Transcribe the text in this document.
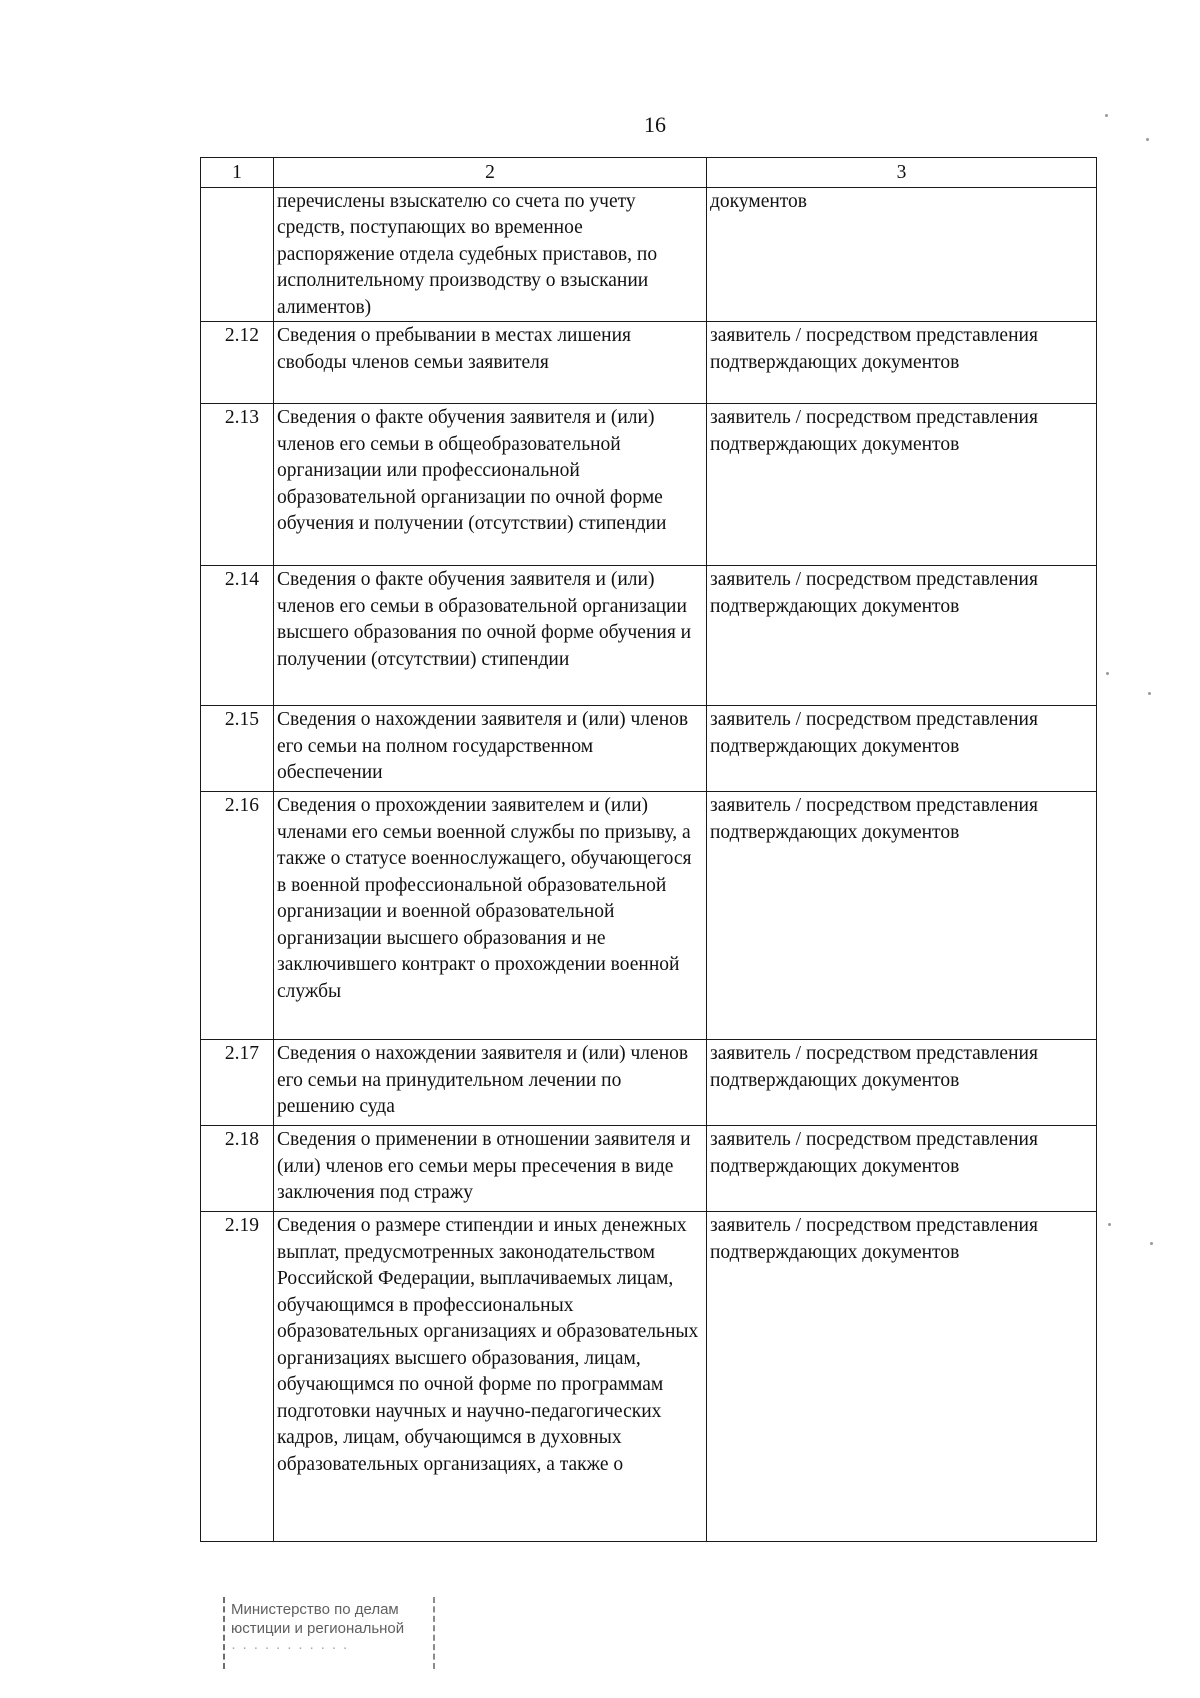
16
1	2	3
	перечислены взыскателю со счета по учету средств, поступающих во временное распоряжение отдела судебных приставов, по исполнительному производству о взыскании алиментов)	документов
2.12	Сведения о пребывании в местах лишения свободы членов семьи заявителя	заявитель / посредством представления подтверждающих документов
2.13	Сведения о факте обучения заявителя и (или) членов его семьи в общеобразовательной организации или профессиональной образовательной организации по очной форме обучения и получении (отсутствии) стипендии	заявитель / посредством представления подтверждающих документов
2.14	Сведения о факте обучения заявителя и (или) членов его семьи в образовательной организации высшего образования по очной форме обучения и получении (отсутствии) стипендии	заявитель / посредством представления подтверждающих документов
2.15	Сведения о нахождении заявителя и (или) членов его семьи на полном государственном обеспечении	заявитель / посредством представления подтверждающих документов
2.16	Сведения о прохождении заявителем и (или) членами его семьи военной службы по призыву, а также о статусе военнослужащего, обучающегося в военной профессиональной образовательной организации и военной образовательной организации высшего образования и не заключившего контракт о прохождении военной службы	заявитель / посредством представления подтверждающих документов
2.17	Сведения о нахождении заявителя и (или) членов его семьи на принудительном лечении по решению суда	заявитель / посредством представления подтверждающих документов
2.18	Сведения о применении в отношении заявителя и (или) членов его семьи меры пресечения в виде заключения под стражу	заявитель / посредством представления подтверждающих документов
2.19	Сведения о размере стипендии и иных денежных выплат, предусмотренных законодательством Российской Федерации, выплачиваемых лицам, обучающимся в профессиональных образовательных организациях и образовательных организациях высшего образования, лицам, обучающимся по очной форме по программам подготовки научных и научно-педагогических кадров, лицам, обучающимся в духовных образовательных организациях, а также о	заявитель / посредством представления подтверждающих документов
Министерство по делам
юстиции и региональной
· · · · · · · · · · ·
